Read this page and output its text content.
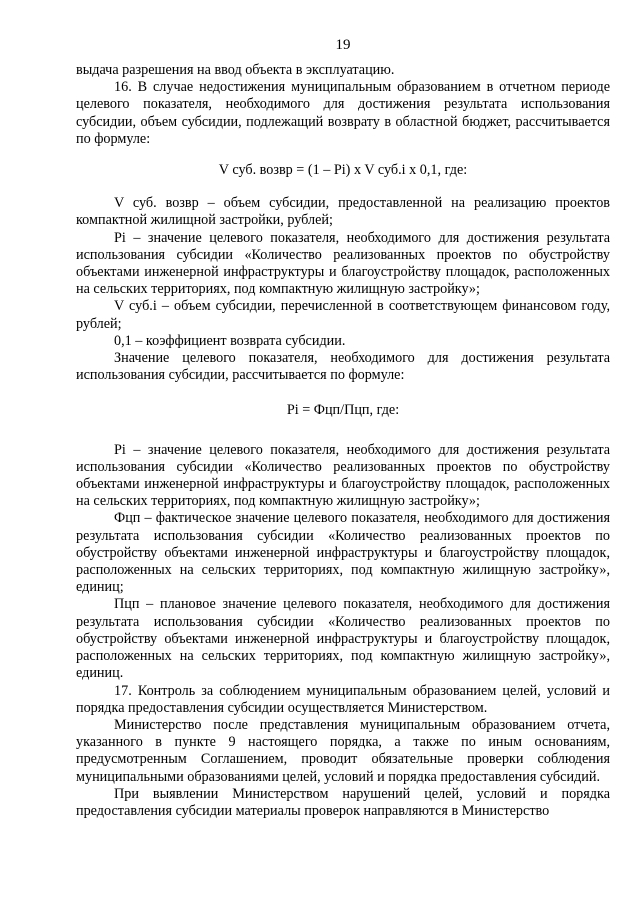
19

выдача разрешения на ввод объекта в эксплуатацию.

16. В случае недостижения муниципальным образованием в отчетном периоде целевого показателя, необходимого для достижения результата использования субсидии, объем субсидии, подлежащий возврату в областной бюджет, рассчитывается по формуле:

V суб. возвр = (1 – Pi) x V суб.i x 0,1, где:

V суб. возвр – объем субсидии, предоставленной на реализацию проектов компактной жилищной застройки, рублей;

Pi – значение целевого показателя, необходимого для достижения результата использования субсидии «Количество реализованных проектов по обустройству объектами инженерной инфраструктуры и благоустройству площадок, расположенных на сельских территориях, под компактную жилищную застройку»;

V суб.i – объем субсидии, перечисленной в соответствующем финансовом году, рублей;

0,1 – коэффициент возврата субсидии.

Значение целевого показателя, необходимого для достижения результата использования субсидии, рассчитывается по формуле:

Pi = Фцп/Пцп, где:

Pi – значение целевого показателя, необходимого для достижения результата использования субсидии «Количество реализованных проектов по обустройству объектами инженерной инфраструктуры и благоустройству площадок, расположенных на сельских территориях, под компактную жилищную застройку»;

Фцп – фактическое значение целевого показателя, необходимого для достижения результата использования субсидии «Количество реализованных проектов по обустройству объектами инженерной инфраструктуры и благоустройству площадок, расположенных на сельских территориях, под компактную жилищную застройку», единиц;

Пцп – плановое значение целевого показателя, необходимого для достижения результата использования субсидии «Количество реализованных проектов по обустройству объектами инженерной инфраструктуры и благоустройству площадок, расположенных на сельских территориях, под компактную жилищную застройку», единиц.

17. Контроль за соблюдением муниципальным образованием целей, условий и порядка предоставления субсидии осуществляется Министерством.

Министерство после представления муниципальным образованием отчета, указанного в пункте 9 настоящего порядка, а также по иным основаниям, предусмотренным Соглашением, проводит обязательные проверки соблюдения муниципальными образованиями целей, условий и порядка предоставления субсидий.

При выявлении Министерством нарушений целей, условий и порядка предоставления субсидии материалы проверок направляются в Министерство
